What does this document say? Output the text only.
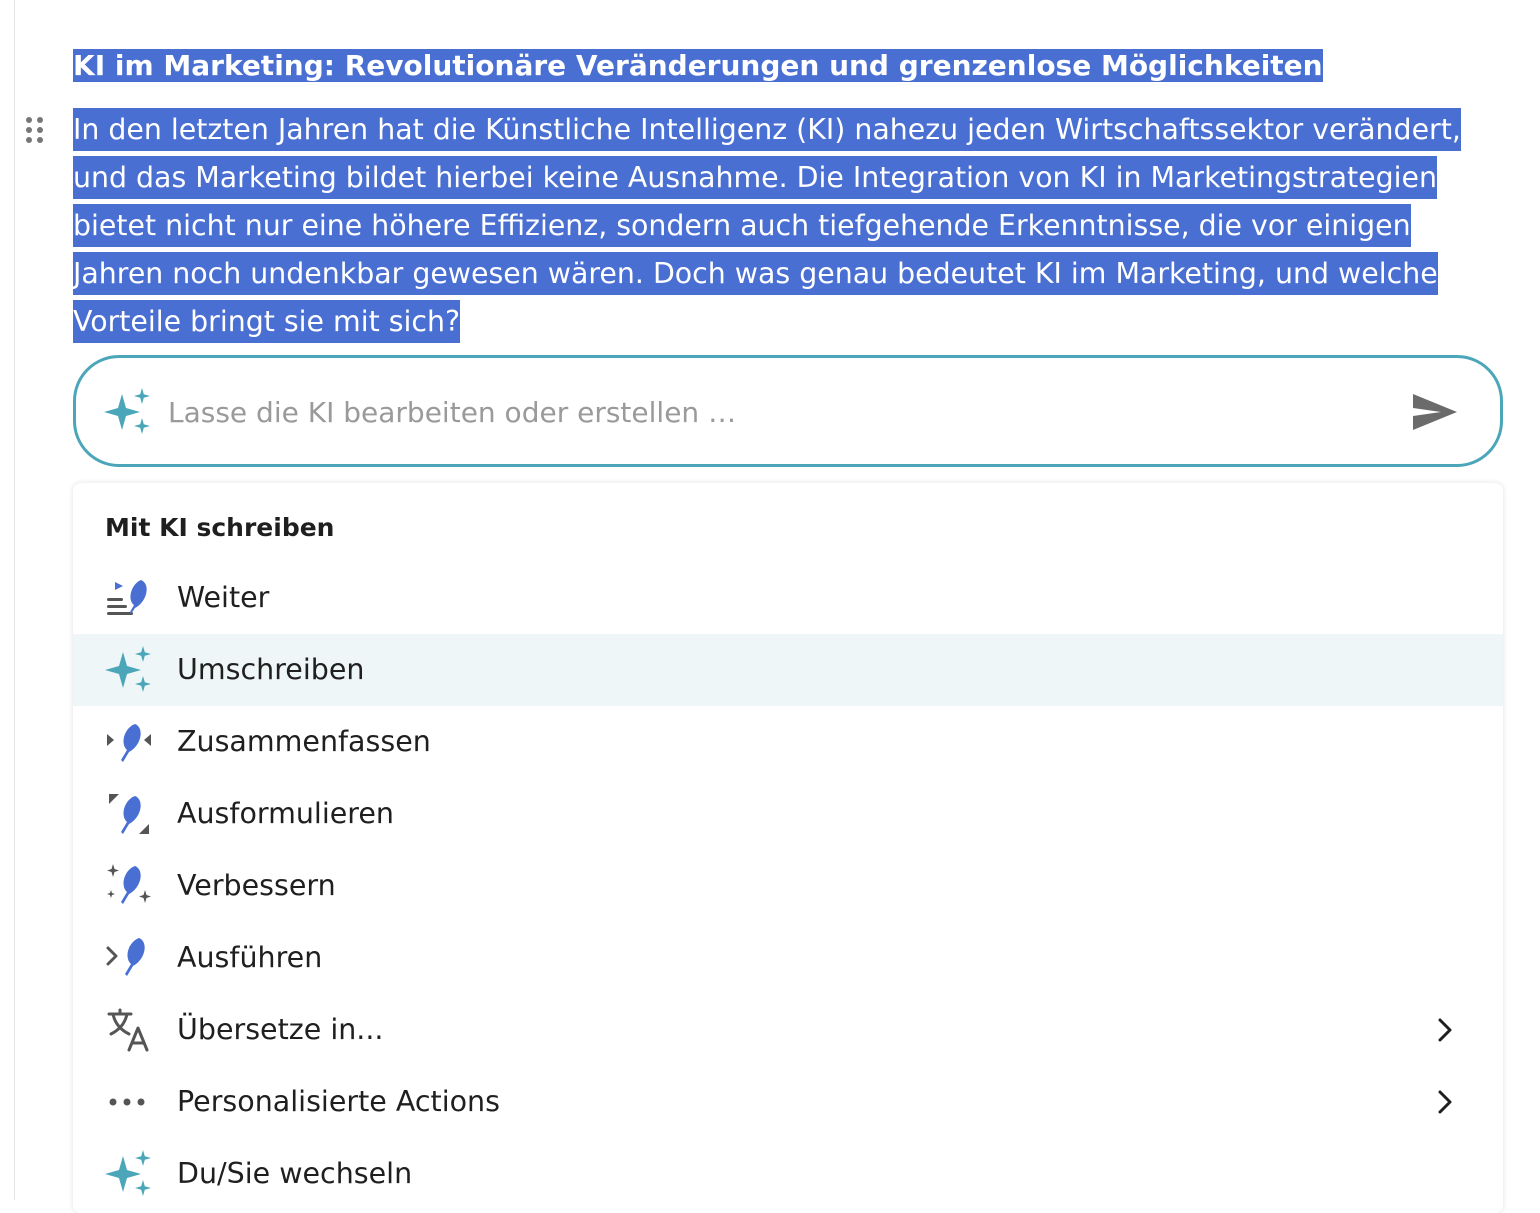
KI im Marketing: Revolutionäre Veränderungen und grenzenlose Möglichkeiten
In den letzten Jahren hat die Künstliche Intelligenz (KI) nahezu jeden Wirtschaftssektor verändert,
und das Marketing bildet hierbei keine Ausnahme. Die Integration von KI in Marketingstrategien
bietet nicht nur eine höhere Effizienz, sondern auch tiefgehende Erkenntnisse, die vor einigen
Jahren noch undenkbar gewesen wären. Doch was genau bedeutet KI im Marketing, und welche
Vorteile bringt sie mit sich?
Lasse die KI bearbeiten oder erstellen …
Mit KI schreiben
Weiter
Umschreiben
Zusammenfassen
Ausformulieren
Verbessern
Ausführen
Übersetze in...
Personalisierte Actions
Du/Sie wechseln
